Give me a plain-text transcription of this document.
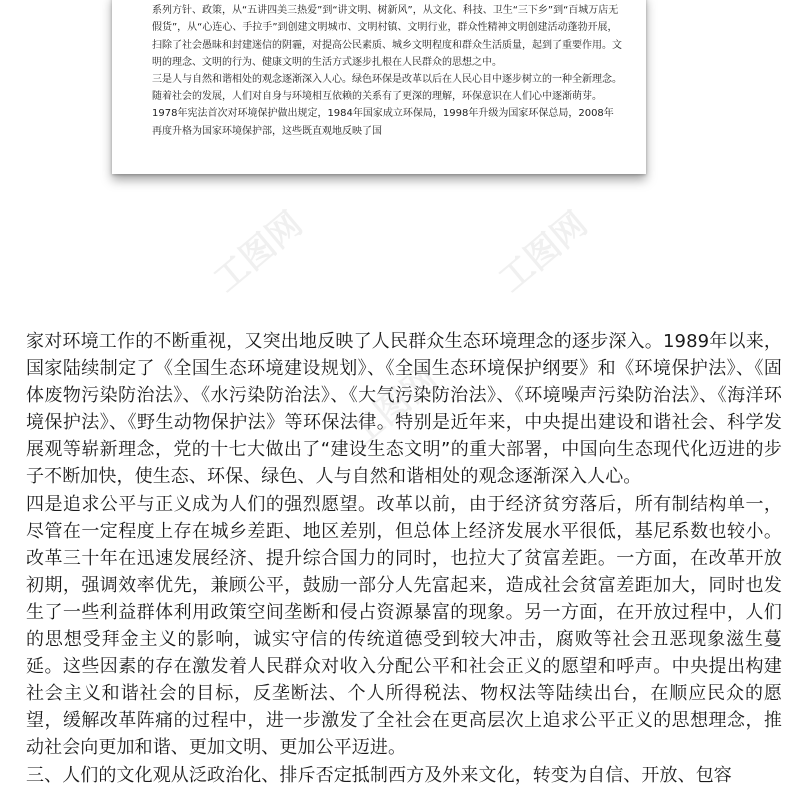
系列方针、政策，从“五讲四美三热爱”到“讲文明、树新风”，从文化、科技、卫生“三下乡”到“百城万店无假货”，从“心连心、手拉手”到创建文明城市、文明村镇、文明行业，群众性精神文明创建活动蓬勃开展，扫除了社会愚昧和封建迷信的阴霾，对提高公民素质、城乡文明程度和群众生活质量，起到了重要作用。文明的理念、文明的行为、健康文明的生活方式逐步扎根在人民群众的思想之中。

三是人与自然和谐相处的观念逐渐深入人心。绿色环保是改革以后在人民心目中逐步树立的一种全新理念。随着社会的发展，人们对自身与环境相互依赖的关系有了更深的理解，环保意识在人们心中逐渐萌芽。1978年宪法首次对环境保护做出规定，1984年国家成立环保局，1998年升级为国家环保总局，2008年再度升格为国家环境保护部，这些既直观地反映了国

工图网	工图网
工图网

家对环境工作的不断重视，又突出地反映了人民群众生态环境理念的逐步深入。1989年以来，国家陆续制定了《全国生态环境建设规划》、《全国生态环境保护纲要》和《环境保护法》、《固体废物污染防治法》、《水污染防治法》、《大气污染防治法》、《环境噪声污染防治法》、《海洋环境保护法》、《野生动物保护法》等环保法律。特别是近年来，中央提出建设和谐社会、科学发展观等崭新理念，党的十七大做出了“建设生态文明”的重大部署，中国向生态现代化迈进的步子不断加快，使生态、环保、绿色、人与自然和谐相处的观念逐渐深入人心。

四是追求公平与正义成为人们的强烈愿望。改革以前，由于经济贫穷落后，所有制结构单一，尽管在一定程度上存在城乡差距、地区差别，但总体上经济发展水平很低，基尼系数也较小。改革三十年在迅速发展经济、提升综合国力的同时，也拉大了贫富差距。一方面，在改革开放初期，强调效率优先，兼顾公平，鼓励一部分人先富起来，造成社会贫富差距加大，同时也发生了一些利益群体利用政策空间垄断和侵占资源暴富的现象。另一方面，在开放过程中，人们的思想受拜金主义的影响，诚实守信的传统道德受到较大冲击，腐败等社会丑恶现象滋生蔓延。这些因素的存在激发着人民群众对收入分配公平和社会正义的愿望和呼声。中央提出构建社会主义和谐社会的目标，反垄断法、个人所得税法、物权法等陆续出台，在顺应民众的愿望，缓解改革阵痛的过程中，进一步激发了全社会在更高层次上追求公平正义的思想理念，推动社会向更加和谐、更加文明、更加公平迈进。

三、人们的文化观从泛政治化、排斥否定抵制西方及外来文化，转变为自信、开放、包容
